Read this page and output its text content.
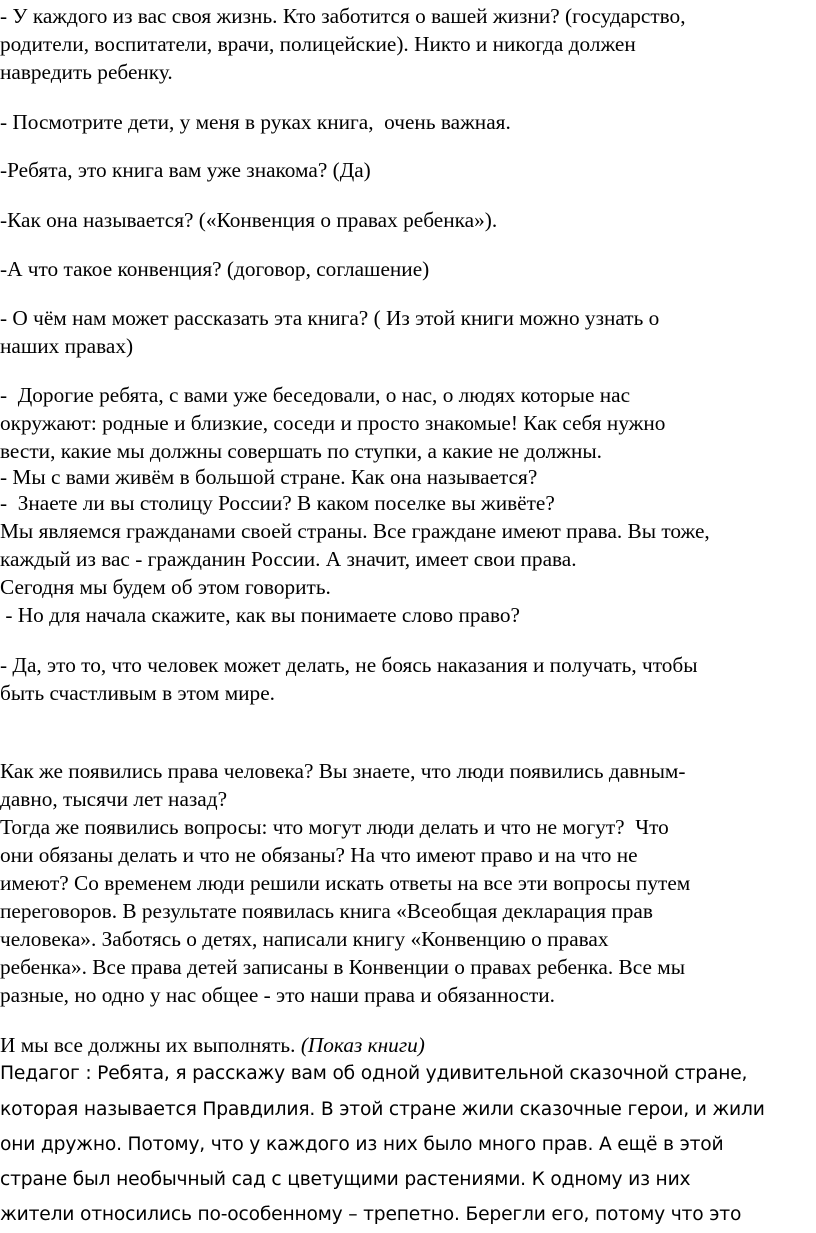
- У каждого из вас своя жизнь. Кто заботится о вашей жизни? (государство,
родители, воспитатели, врачи, полицейские). Никто и никогда должен
навредить ребенку.
- Посмотрите дети, у меня в руках книга,  очень важная.
-Ребята, это книга вам уже знакома? (Да)
-Как она называется? («Конвенция о правах ребенка»).
-А что такое конвенция? (договор, соглашение)
- О чём нам может рассказать эта книга? ( Из этой книги можно узнать о
наших правах)
-  Дорогие ребята, с вами уже беседовали, о нас, о людях которые нас
окружают: родные и близкие, соседи и просто знакомые! Как себя нужно
вести, какие мы должны совершать по ступки, а какие не должны.
- Мы с вами живём в большой стране. Как она называется?
-  Знаете ли вы столицу России? В каком поселке вы живёте?
Мы являемся гражданами своей страны. Все граждане имеют права. Вы тоже,
каждый из вас - гражданин России. А значит, имеет свои права.
Сегодня мы будем об этом говорить.
- Но для начала скажите, как вы понимаете слово право?
- Да, это то, что человек может делать, не боясь наказания и получать, чтобы
быть счастливым в этом мире.
Как же появились права человека? Вы знаете, что люди появились давным-
давно, тысячи лет назад?
Тогда же появились вопросы: что могут люди делать и что не могут?  Что
они обязаны делать и что не обязаны? На что имеют право и на что не
имеют? Со временем люди решили искать ответы на все эти вопросы путем
переговоров. В результате появилась книга «Всеобщая декларация прав
человека». Заботясь о детях, написали книгу «Конвенцию о правах
ребенка». Все права детей записаны в Конвенции о правах ребенка. Все мы
разные, но одно у нас общее - это наши права и обязанности.
И мы все должны их выполнять. (Показ книги)
Педагог : Ребята, я расскажу вам об одной удивительной сказочной стране,
которая называется Правдилия. В этой стране жили сказочные герои, и жили
они дружно. Потому, что у каждого из них было много прав. А ещё в этой
стране был необычный сад с цветущими растениями. К одному из них
жители относились по-особенному – трепетно. Берегли его, потому что это
